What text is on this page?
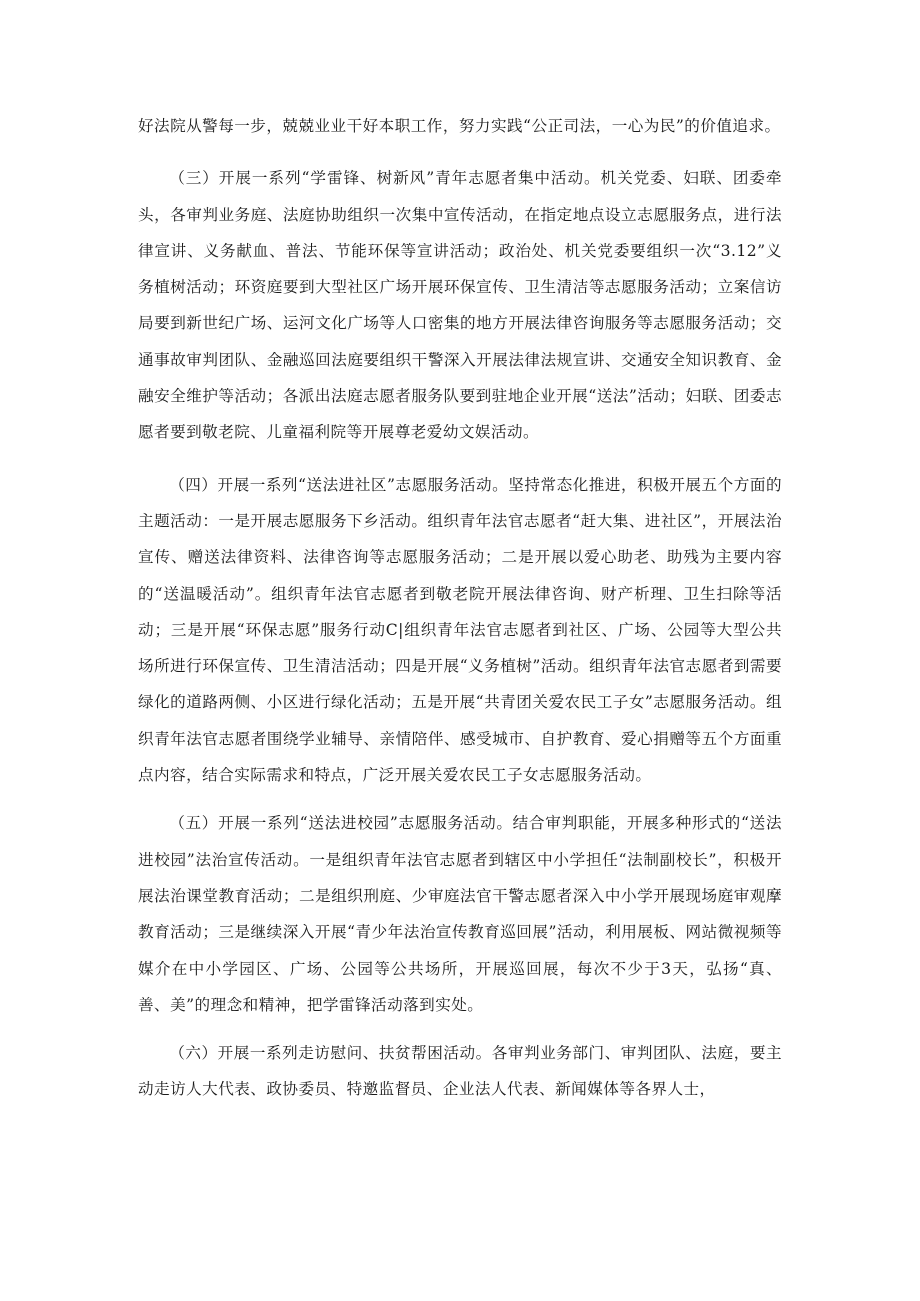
好法院从警每一步，兢兢业业干好本职工作，努力实践“公正司法，一心为民”的价值追求。

（三）开展一系列“学雷锋、树新风”青年志愿者集中活动。机关党委、妇联、团委牵头，各审判业务庭、法庭协助组织一次集中宣传活动，在指定地点设立志愿服务点，进行法律宣讲、义务献血、普法、节能环保等宣讲活动；政治处、机关党委要组织一次“3.12”义务植树活动；环资庭要到大型社区广场开展环保宣传、卫生清洁等志愿服务活动；立案信访局要到新世纪广场、运河文化广场等人口密集的地方开展法律咨询服务等志愿服务活动；交通事故审判团队、金融巡回法庭要组织干警深入开展法律法规宣讲、交通安全知识教育、金融安全维护等活动；各派出法庭志愿者服务队要到驻地企业开展“送法”活动；妇联、团委志愿者要到敬老院、儿童福利院等开展尊老爱幼文娱活动。

（四）开展一系列“送法进社区”志愿服务活动。坚持常态化推进，积极开展五个方面的主题活动：一是开展志愿服务下乡活动。组织青年法官志愿者“赶大集、进社区”，开展法治宣传、赠送法律资料、法律咨询等志愿服务活动；二是开展以爱心助老、助残为主要内容的“送温暖活动”。组织青年法官志愿者到敬老院开展法律咨询、财产析理、卫生扫除等活动；三是开展“环保志愿”服务行动C|组织青年法官志愿者到社区、广场、公园等大型公共场所进行环保宣传、卫生清洁活动；四是开展“义务植树”活动。组织青年法官志愿者到需要绿化的道路两侧、小区进行绿化活动；五是开展“共青团关爱农民工子女”志愿服务活动。组织青年法官志愿者围绕学业辅导、亲情陪伴、感受城市、自护教育、爱心捐赠等五个方面重点内容，结合实际需求和特点，广泛开展关爱农民工子女志愿服务活动。

（五）开展一系列“送法进校园”志愿服务活动。结合审判职能，开展多种形式的“送法进校园”法治宣传活动。一是组织青年法官志愿者到辖区中小学担任“法制副校长”，积极开展法治课堂教育活动；二是组织刑庭、少审庭法官干警志愿者深入中小学开展现场庭审观摩教育活动；三是继续深入开展“青少年法治宣传教育巡回展”活动，利用展板、网站微视频等媒介在中小学园区、广场、公园等公共场所，开展巡回展，每次不少于3天，弘扬“真、善、美”的理念和精神，把学雷锋活动落到实处。

（六）开展一系列走访慰问、扶贫帮困活动。各审判业务部门、审判团队、法庭，要主动走访人大代表、政协委员、特邀监督员、企业法人代表、新闻媒体等各界人士，
